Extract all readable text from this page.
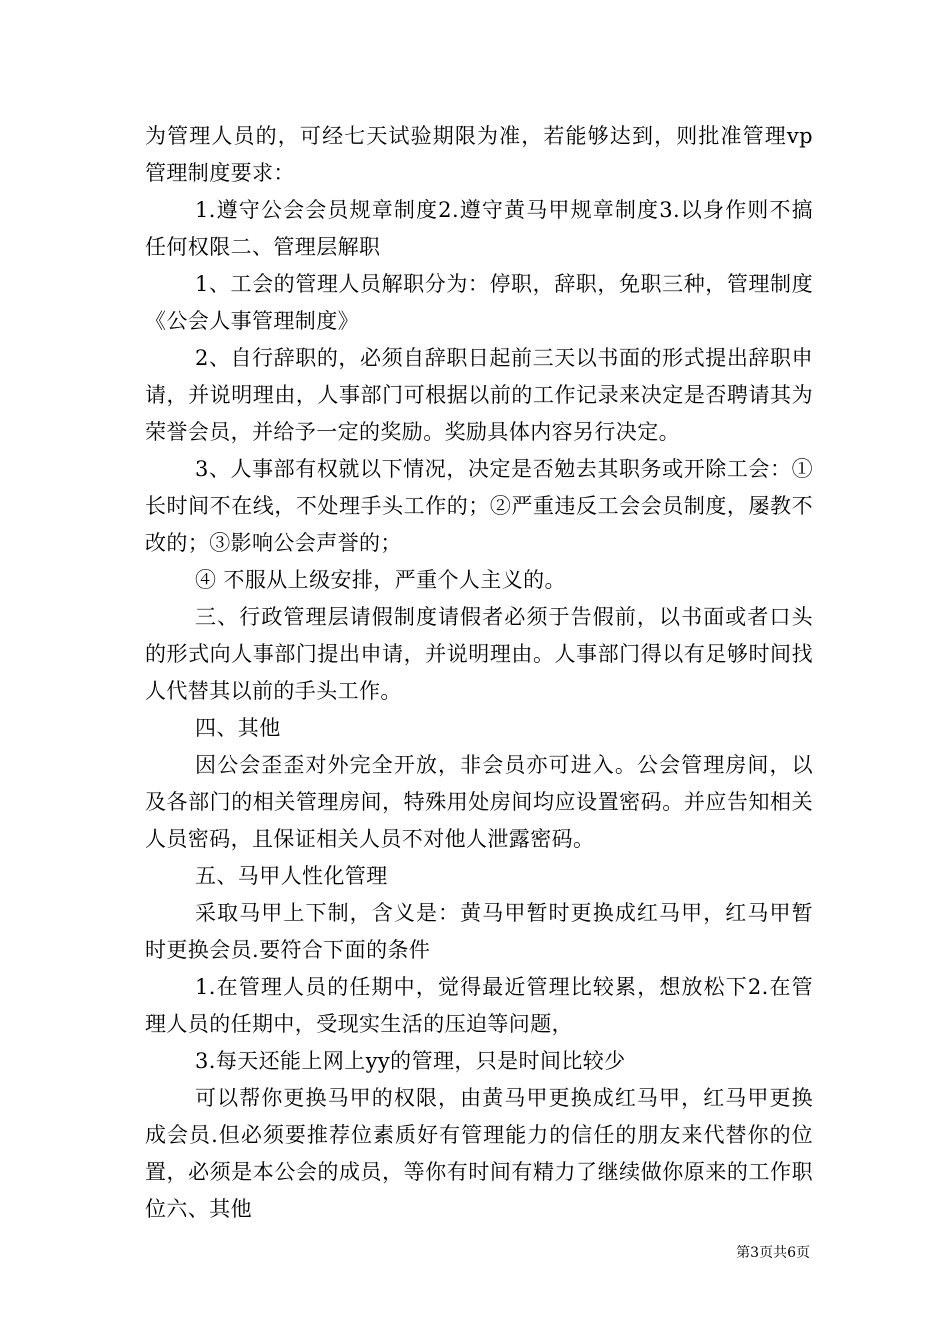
为管理人员的，可经七天试验期限为准，若能够达到，则批准管理vp管理制度要求：

1.遵守公会会员规章制度2.遵守黄马甲规章制度3.以身作则不搞任何权限二、管理层解职

1、工会的管理人员解职分为：停职，辞职，免职三种，管理制度《公会人事管理制度》

2、自行辞职的，必须自辞职日起前三天以书面的形式提出辞职申请，并说明理由，人事部门可根据以前的工作记录来决定是否聘请其为荣誉会员，并给予一定的奖励。奖励具体内容另行决定。

3、人事部有权就以下情况，决定是否勉去其职务或开除工会：①长时间不在线，不处理手头工作的；②严重违反工会会员制度，屡教不改的；③影响公会声誉的；

④ 不服从上级安排，严重个人主义的。

三、行政管理层请假制度请假者必须于告假前，以书面或者口头的形式向人事部门提出申请，并说明理由。人事部门得以有足够时间找人代替其以前的手头工作。

四、其他

因公会歪歪对外完全开放，非会员亦可进入。公会管理房间，以及各部门的相关管理房间，特殊用处房间均应设置密码。并应告知相关人员密码，且保证相关人员不对他人泄露密码。

五、马甲人性化管理

采取马甲上下制，含义是：黄马甲暂时更换成红马甲，红马甲暂时更换会员.要符合下面的条件

1.在管理人员的任期中，觉得最近管理比较累，想放松下2.在管理人员的任期中，受现实生活的压迫等问题，

3.每天还能上网上yy的管理，只是时间比较少

可以帮你更换马甲的权限，由黄马甲更换成红马甲，红马甲更换成会员.但必须要推荐位素质好有管理能力的信任的朋友来代替你的位置，必须是本公会的成员，等你有时间有精力了继续做你原来的工作职位六、其他

第3页共6页
